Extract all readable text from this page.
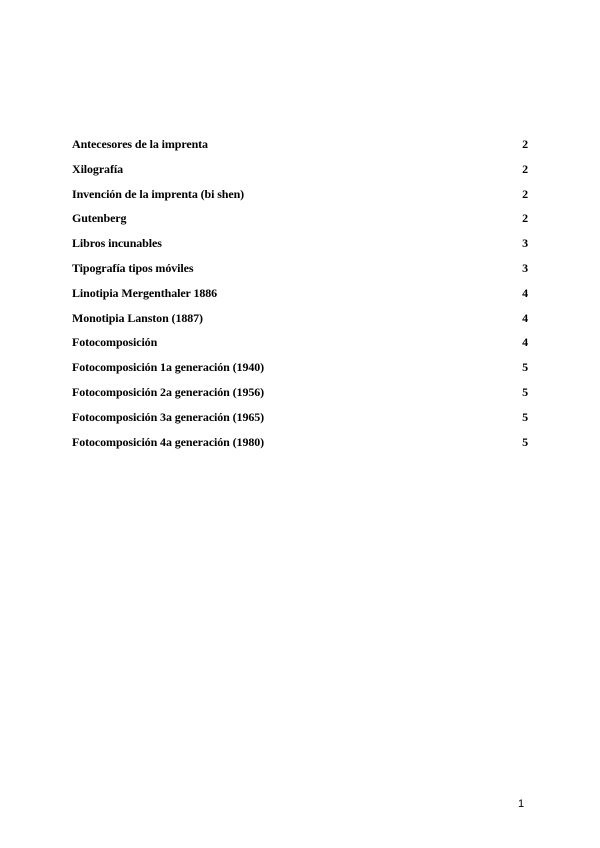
Antecesores de la imprenta	2
Xilografía	2
Invención de la imprenta (bi shen)	2
Gutenberg	2
Libros incunables	3
Tipografía tipos móviles	3
Linotipia Mergenthaler 1886	4
Monotipia Lanston (1887)	4
Fotocomposición	4
Fotocomposición 1a generación (1940)	5
Fotocomposición 2a generación (1956)	5
Fotocomposición 3a generación (1965)	5
Fotocomposición 4a generación (1980)	5
1
